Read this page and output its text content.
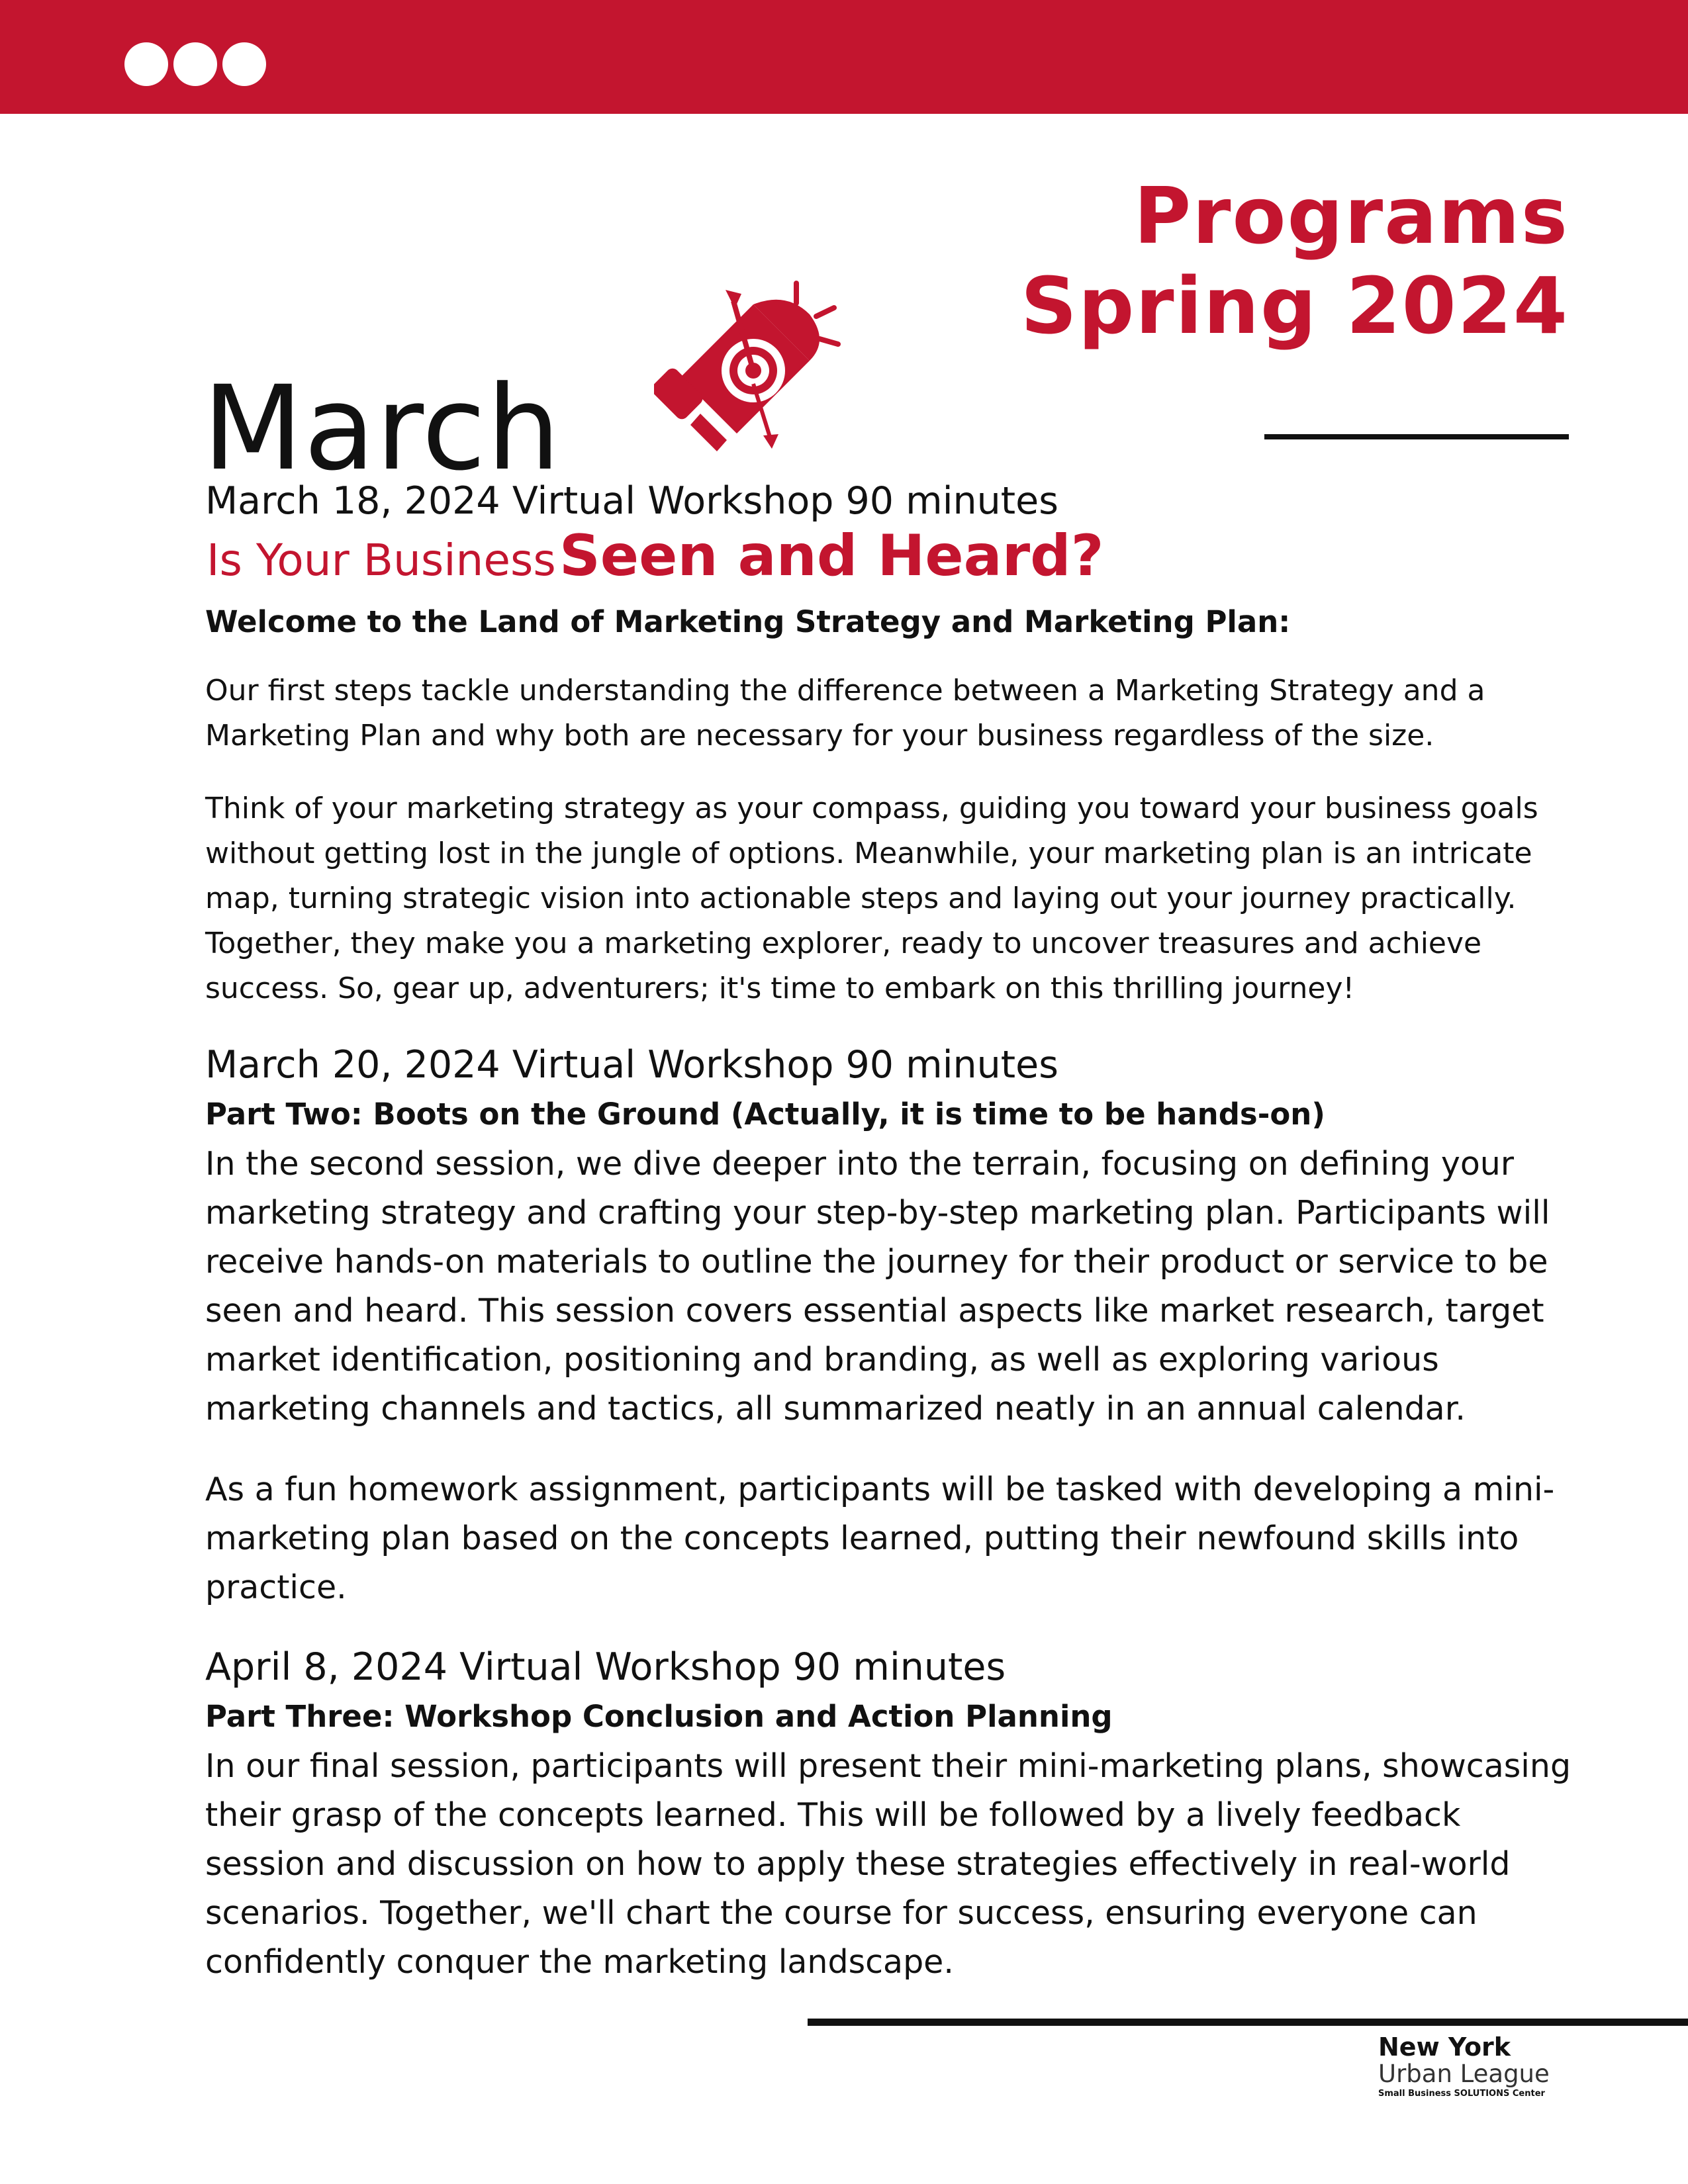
Programs
Spring 2024
March
March 18, 2024 Virtual Workshop 90 minutes
Is Your Business Seen and Heard?
Welcome to the Land of Marketing Strategy and Marketing Plan:
Our first steps tackle understanding the difference between a Marketing Strategy and a Marketing Plan and why both are necessary for your business regardless of the size.
Think of your marketing strategy as your compass, guiding you toward your business goals without getting lost in the jungle of options. Meanwhile, your marketing plan is an intricate map, turning strategic vision into actionable steps and laying out your journey practically. Together, they make you a marketing explorer, ready to uncover treasures and achieve success. So, gear up, adventurers; it's time to embark on this thrilling journey!
March 20, 2024 Virtual Workshop 90 minutes
Part Two: Boots on the Ground (Actually, it is time to be hands-on)
In the second session, we dive deeper into the terrain, focusing on defining your marketing strategy and crafting your step-by-step marketing plan. Participants will receive hands-on materials to outline the journey for their product or service to be seen and heard. This session covers essential aspects like market research, target market identification, positioning and branding, as well as exploring various marketing channels and tactics, all summarized neatly in an annual calendar.
As a fun homework assignment, participants will be tasked with developing a mini-marketing plan based on the concepts learned, putting their newfound skills into practice.
April 8, 2024 Virtual Workshop 90 minutes
Part Three: Workshop Conclusion and Action Planning
In our final session, participants will present their mini-marketing plans, showcasing their grasp of the concepts learned. This will be followed by a lively feedback session and discussion on how to apply these strategies effectively in real-world scenarios. Together, we'll chart the course for success, ensuring everyone can confidently conquer the marketing landscape.
New York
Urban League
Small Business SOLUTIONS Center
